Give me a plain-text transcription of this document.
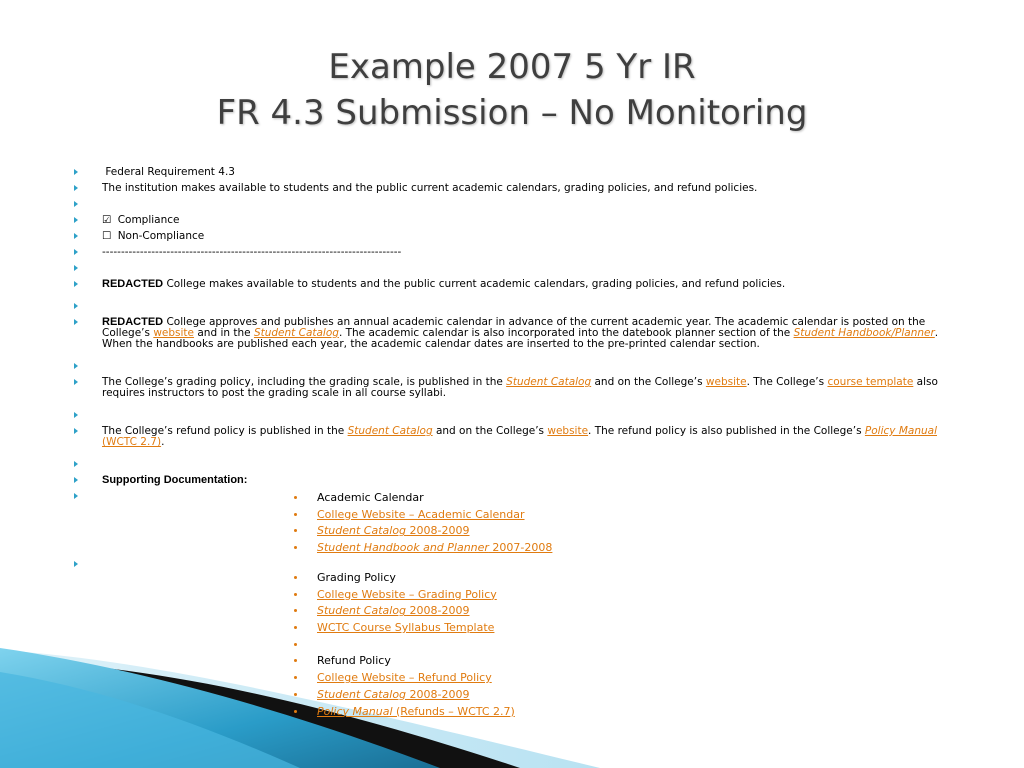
Example 2007 5 Yr IR
FR 4.3 Submission – No Monitoring
Federal Requirement 4.3
The institution makes available to students and the public current academic calendars, grading policies, and refund policies.
☑ Compliance
☐ Non-Compliance
-------------------------------------------------------------------------------
REDACTED College makes available to students and the public current academic calendars, grading policies, and refund policies.
REDACTED College approves and publishes an annual academic calendar in advance of the current academic year. The academic calendar is posted on the College’s website and in the Student Catalog. The academic calendar is also incorporated into the datebook planner section of the Student Handbook/Planner. When the handbooks are published each year, the academic calendar dates are inserted to the pre-printed calendar section.
The College’s grading policy, including the grading scale, is published in the Student Catalog and on the College’s website. The College’s course template also requires instructors to post the grading scale in all course syllabi.
The College’s refund policy is published in the Student Catalog and on the College’s website. The refund policy is also published in the College’s Policy Manual (WCTC 2.7).
Supporting Documentation:
Academic Calendar
College Website – Academic Calendar
Student Catalog 2008-2009
Student Handbook and Planner 2007-2008
Grading Policy
College Website – Grading Policy
Student Catalog 2008-2009
WCTC Course Syllabus Template
Refund Policy
College Website – Refund Policy
Student Catalog 2008-2009
Policy Manual (Refunds – WCTC 2.7)
